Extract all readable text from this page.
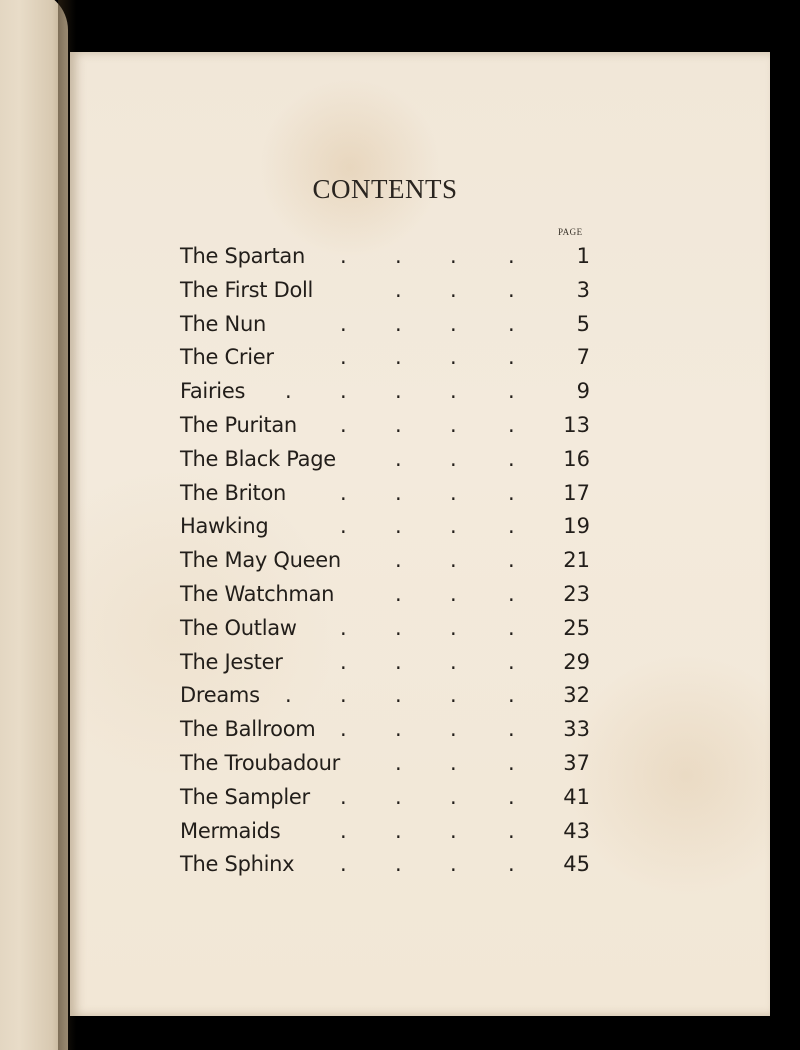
CONTENTS
PAGE
The Spartan . . . .	1
The First Doll	. . .	3
The Nun	. . . .	5
The Crier	. . . .	7
Fairies . . . . .	9
The Puritan . . . . 13
The Black Page	. . . 16
The Briton	. . . . 17
Hawking	. . . . 19
The May Queen	. . . 21
The Watchman	. . . 23
The Outlaw . . . . 25
The Jester	. . . . 29
Dreams . . . . . 32
The Ballroom . . . . 33
The Troubadour	. . . 37
The Sampler . . . . 41
Mermaids	. . . . 43
The Sphinx . . . . 45
